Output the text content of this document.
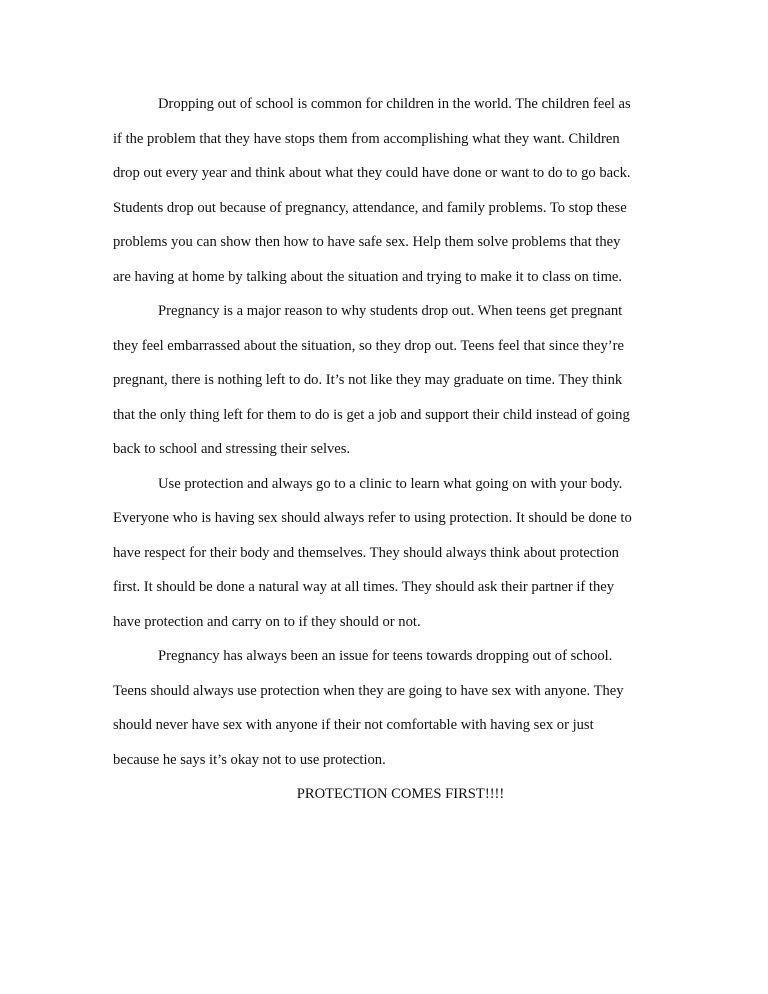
Dropping out of school is common for children in the world. The children feel as
if the problem that they have stops them from accomplishing what they want. Children
drop out every year and think about what they could have done or want to do to go back.
Students drop out because of pregnancy, attendance, and family problems. To stop these
problems you can show then how to have safe sex. Help them solve problems that they
are having at home by talking about the situation and trying to make it to class on time.
Pregnancy is a major reason to why students drop out. When teens get pregnant
they feel embarrassed about the situation, so they drop out. Teens feel that since they’re
pregnant, there is nothing left to do. It’s not like they may graduate on time. They think
that the only thing left for them to do is get a job and support their child instead of going
back to school and stressing their selves.
Use protection and always go to a clinic to learn what going on with your body.
Everyone who is having sex should always refer to using protection. It should be done to
have respect for their body and themselves. They should always think about protection
first. It should be done a natural way at all times. They should ask their partner if they
have protection and carry on to if they should or not.
Pregnancy has always been an issue for teens towards dropping out of school.
Teens should always use protection when they are going to have sex with anyone. They
should never have sex with anyone if their not comfortable with having sex or just
because he says it’s okay not to use protection.
PROTECTION COMES FIRST!!!!
